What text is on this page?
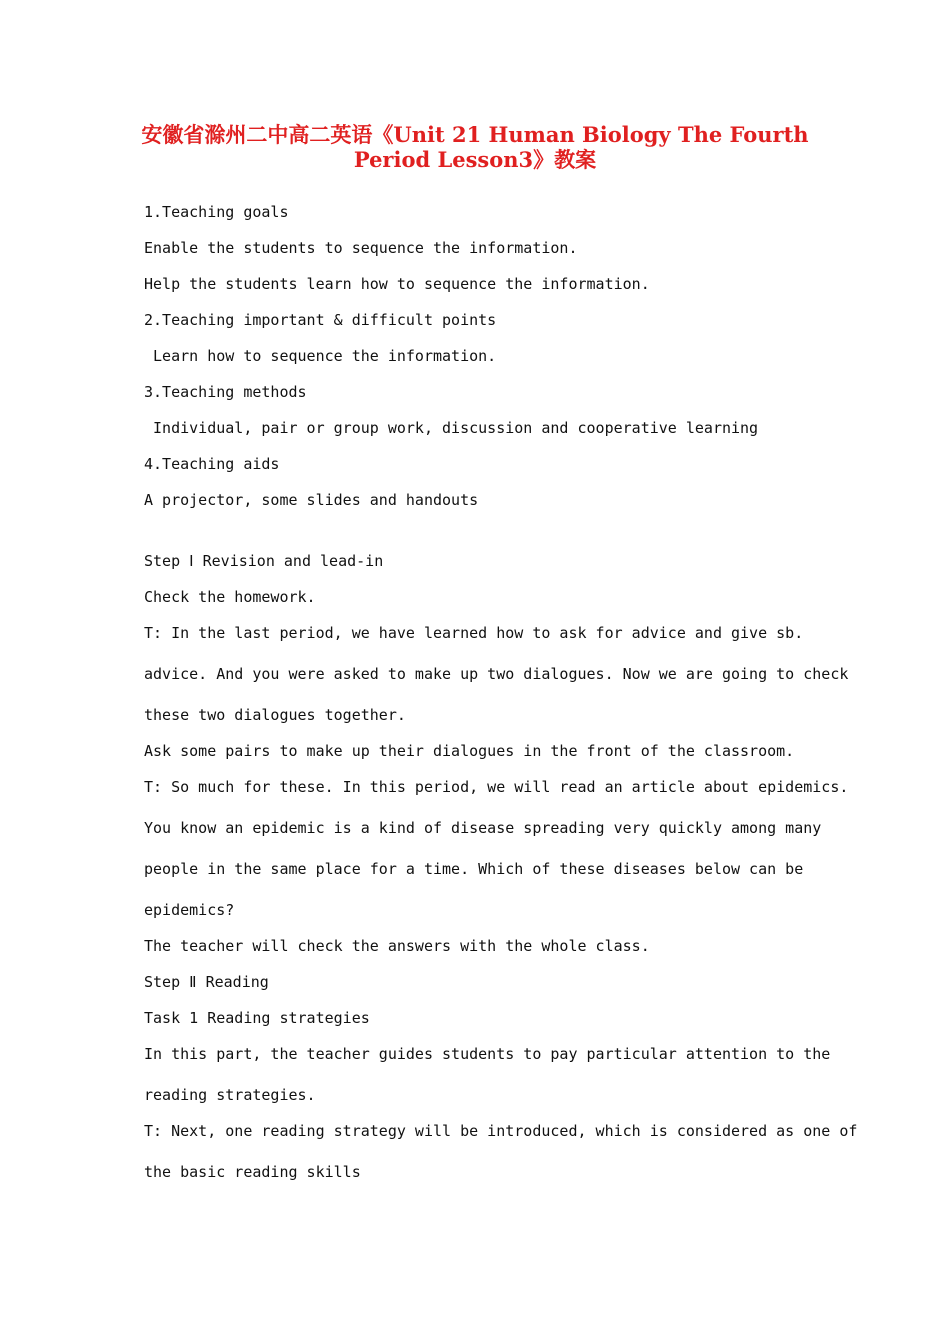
安徽省滁州二中高二英语《Unit 21 Human Biology The Fourth
Period Lesson3》教案

1.Teaching goals

Enable the students to sequence the information.

Help the students learn how to sequence the information.

2.Teaching important & difficult points

Learn how to sequence the information.

3.Teaching methods

Individual, pair or group work, discussion and cooperative learning

4.Teaching aids

A projector, some slides and handouts

Step Ⅰ Revision and lead-in

Check the homework.

T: In the last period, we have learned how to ask for advice and give sb.

advice. And you were asked to make up two dialogues. Now we are going to check

these two dialogues together.

Ask some pairs to make up their dialogues in the front of the classroom.

T: So much for these. In this period, we will read an article about epidemics.

You know an epidemic is a kind of disease spreading very quickly among many

people in the same place for a time. Which of these diseases below can be

epidemics?

The teacher will check the answers with the whole class.

Step Ⅱ Reading

Task 1 Reading strategies

In this part, the teacher guides students to pay particular attention to the

reading strategies.

T: Next, one reading strategy will be introduced, which is considered as one of

the basic reading skills
